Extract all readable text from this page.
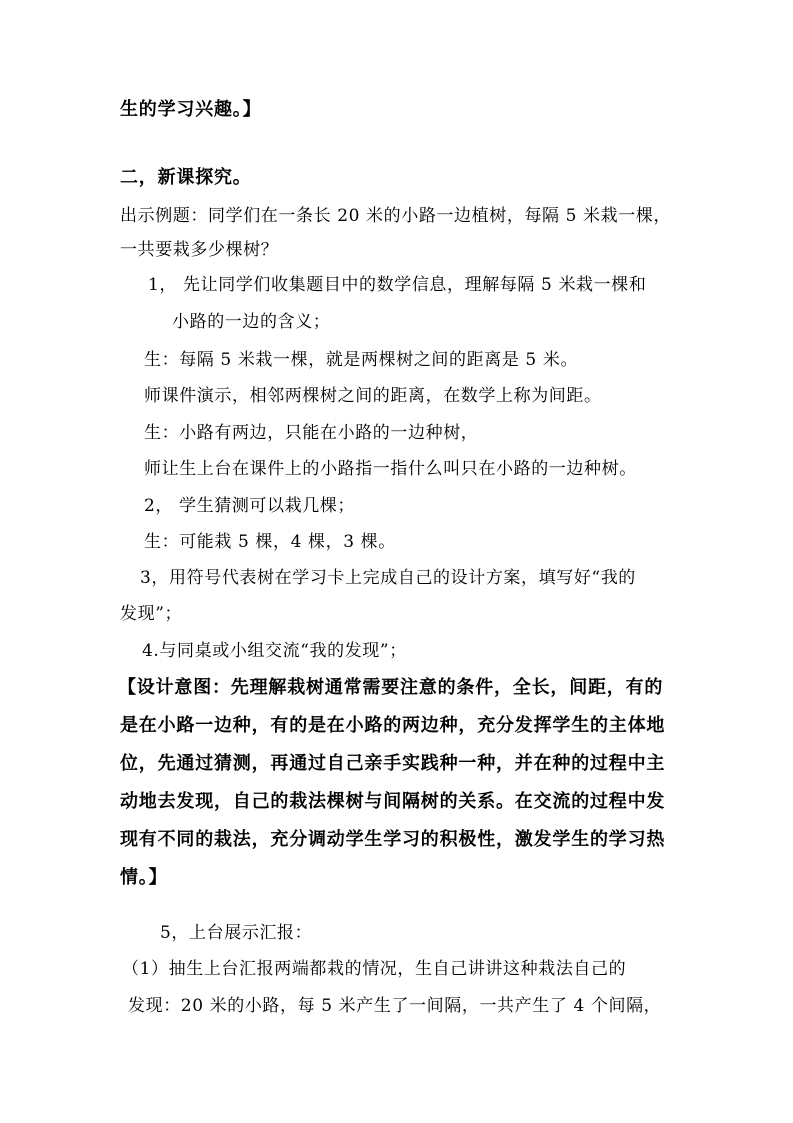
生的学习兴趣。】
二，新课探究。
出示例题：同学们在一条长 20 米的小路一边植树，每隔 5 米栽一棵，
一共要栽多少棵树？
1， 先让同学们收集题目中的数学信息，理解每隔 5 米栽一棵和
小路的一边的含义；
生：每隔 5 米栽一棵，就是两棵树之间的距离是 5 米。
师课件演示，相邻两棵树之间的距离，在数学上称为间距。
生：小路有两边，只能在小路的一边种树，
师让生上台在课件上的小路指一指什么叫只在小路的一边种树。
2， 学生猜测可以栽几棵；
生：可能栽 5 棵，4 棵，3 棵。
3，用符号代表树在学习卡上完成自己的设计方案，填写好“我的
发现”；
4.与同桌或小组交流“我的发现”；
【设计意图：先理解栽树通常需要注意的条件，全长，间距，有的
是在小路一边种，有的是在小路的两边种，充分发挥学生的主体地
位，先通过猜测，再通过自己亲手实践种一种，并在种的过程中主
动地去发现，自己的栽法棵树与间隔树的关系。在交流的过程中发
现有不同的栽法，充分调动学生学习的积极性，激发学生的学习热
情。】
5，上台展示汇报：
（1）抽生上台汇报两端都栽的情况，生自己讲讲这种栽法自己的
发现：20 米的小路，每 5 米产生了一间隔，一共产生了 4 个间隔，
